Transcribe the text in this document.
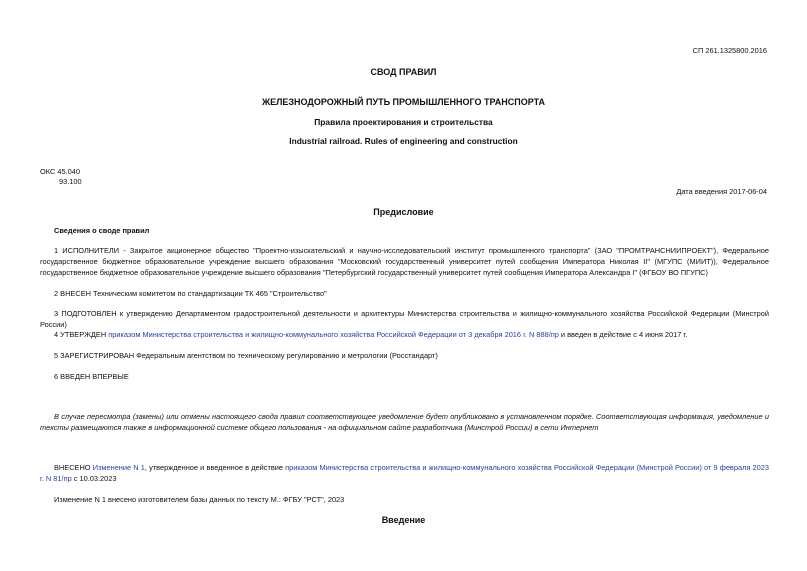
СП 261.1325800.2016
СВОД ПРАВИЛ
ЖЕЛЕЗНОДОРОЖНЫЙ ПУТЬ ПРОМЫШЛЕННОГО ТРАНСПОРТА
Правила проектирования и строительства
Industrial railroad. Rules of engineering and construction
ОКС 45.040
93.100
Дата введения 2017-06-04
Предисловие
Сведения о своде правил
1 ИСПОЛНИТЕЛИ - Закрытое акционерное общество "Проектно-изыскательский и научно-исследовательский институт промышленного транспорта" (ЗАО "ПРОМТРАНСНИИПРОЕКТ"), Федеральное государственное бюджетное образовательное учреждение высшего образования "Московский государственный университет путей сообщения Императора Николая II" (МГУПС (МИИТ)), Федеральное государственное бюджетное образовательное учреждение высшего образования "Петербургский государственный университет путей сообщения Императора Александра I" (ФГБОУ ВО ПГУПС)
2 ВНЕСЕН Техническим комитетом по стандартизации ТК 465 "Строительство"
3 ПОДГОТОВЛЕН к утверждению Департаментом градостроительной деятельности и архитектуры Министерства строительства и жилищно-коммунального хозяйства Российской Федерации (Минстрой России)
4 УТВЕРЖДЕН приказом Министерства строительства и жилищно-коммунального хозяйства Российской Федерации от 3 декабря 2016 г. N 888/пр и введен в действие с 4 июня 2017 г.
5 ЗАРЕГИСТРИРОВАН Федеральным агентством по техническому регулированию и метрологии (Росстандарт)
6 ВВЕДЕН ВПЕРВЫЕ
В случае пересмотра (замены) или отмены настоящего свода правил соответствующее уведомление будет опубликовано в установленном порядке. Соответствующая информация, уведомление и тексты размещаются также в информационной системе общего пользования - на официальном сайте разработчика (Минстрой России) в сети Интернет
ВНЕСЕНО Изменение N 1, утвержденное и введенное в действие приказом Министерства строительства и жилищно-коммунального хозяйства Российской Федерации (Минстрой России) от 9 февраля 2023 г. N 81/пр с 10.03.2023
Изменение N 1 внесено изготовителем базы данных по тексту М.: ФГБУ "РСТ", 2023
Введение
